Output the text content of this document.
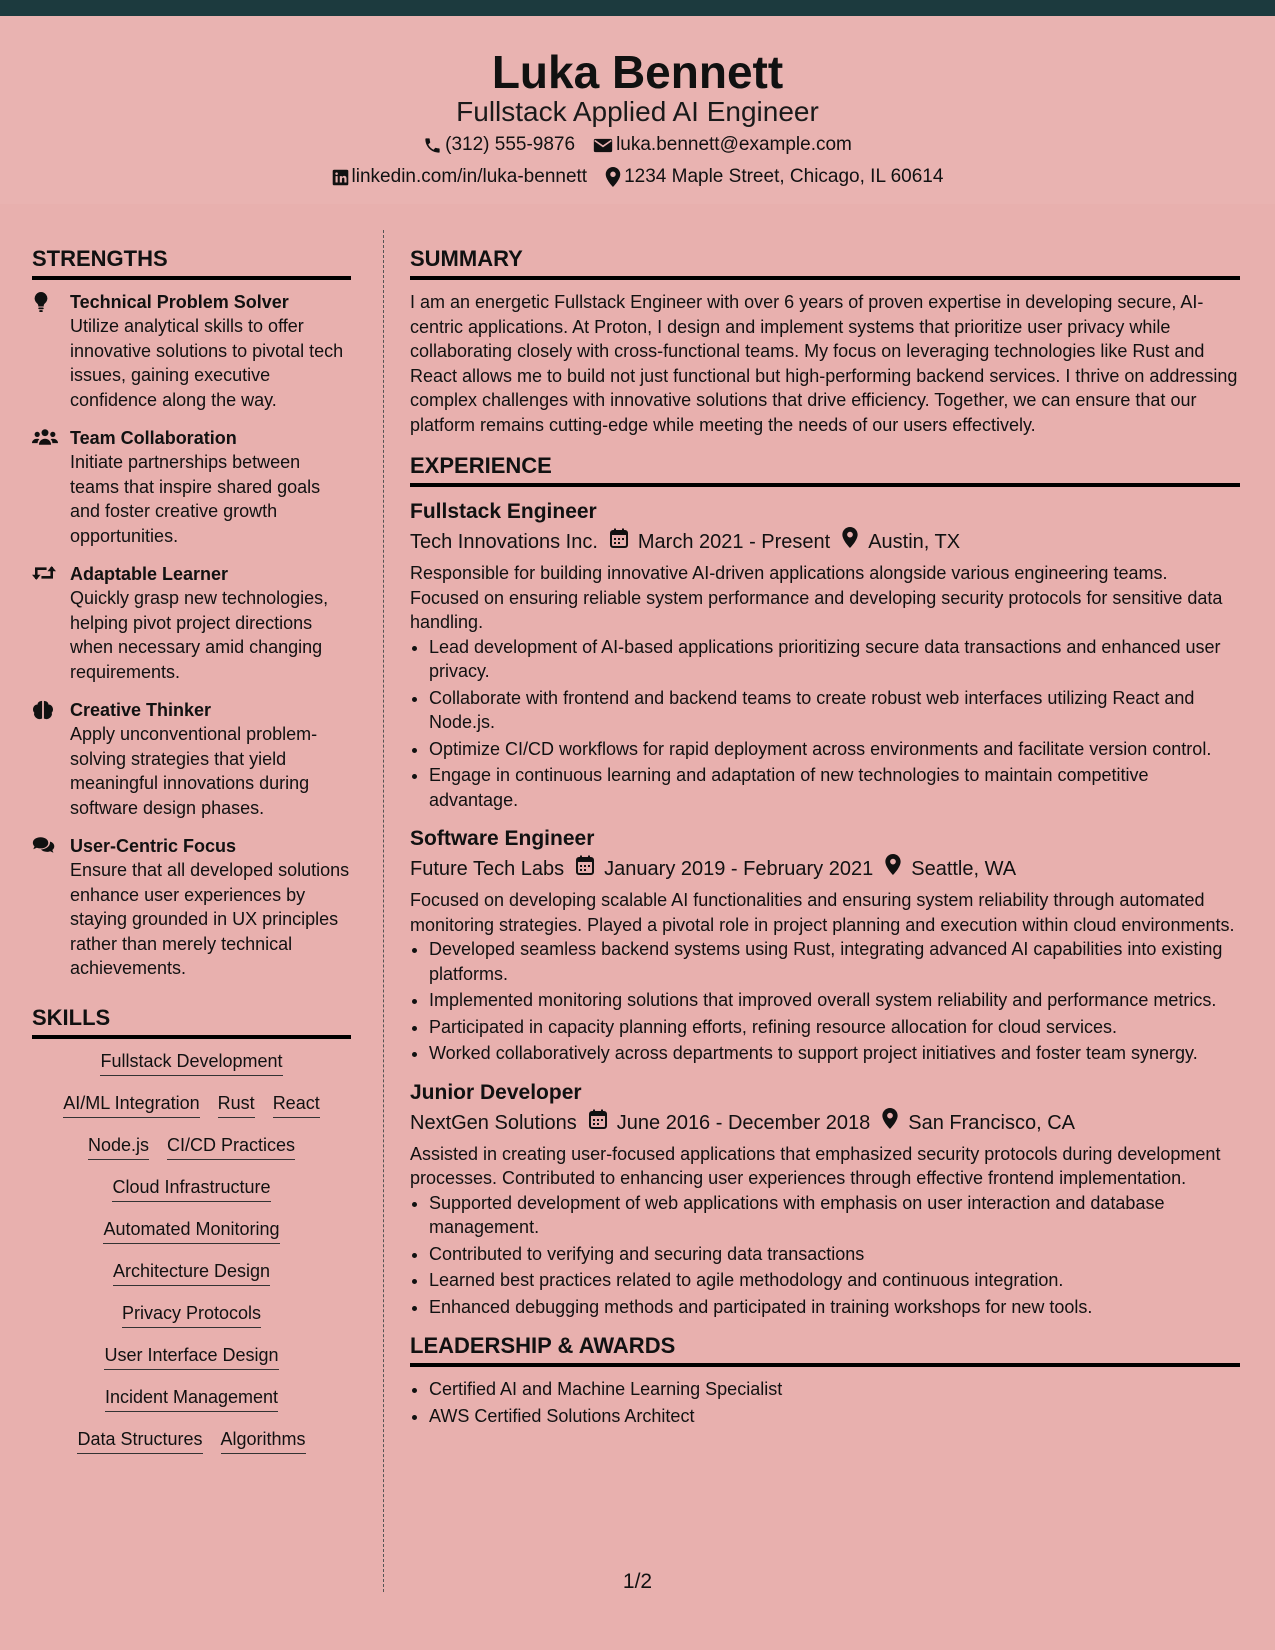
Luka Bennett
Fullstack Applied AI Engineer
(312) 555-9876 luka.bennett@example.com
linkedin.com/in/luka-bennett 1234 Maple Street, Chicago, IL 60614
STRENGTHS
Technical Problem Solver
Utilize analytical skills to offer innovative solutions to pivotal tech issues, gaining executive confidence along the way.
Team Collaboration
Initiate partnerships between teams that inspire shared goals and foster creative growth opportunities.
Adaptable Learner
Quickly grasp new technologies, helping pivot project directions when necessary amid changing requirements.
Creative Thinker
Apply unconventional problem-solving strategies that yield meaningful innovations during software design phases.
User-Centric Focus
Ensure that all developed solutions enhance user experiences by staying grounded in UX principles rather than merely technical achievements.
SKILLS
Fullstack Development
AI/ML Integration Rust React
Node.js CI/CD Practices
Cloud Infrastructure
Automated Monitoring
Architecture Design
Privacy Protocols
User Interface Design
Incident Management
Data Structures Algorithms
SUMMARY

I am an energetic Fullstack Engineer with over 6 years of proven expertise in developing secure, AI-centric applications. At Proton, I design and implement systems that prioritize user privacy while collaborating closely with cross-functional teams. My focus on leveraging technologies like Rust and React allows me to build not just functional but high-performing backend services. I thrive on addressing complex challenges with innovative solutions that drive efficiency. Together, we can ensure that our platform remains cutting-edge while meeting the needs of our users effectively.

EXPERIENCE
Fullstack Engineer
Tech Innovations Inc. March 2021 - Present Austin, TX
Responsible for building innovative AI-driven applications alongside various engineering teams. Focused on ensuring reliable system performance and developing security protocols for sensitive data handling.
• Lead development of AI-based applications prioritizing secure data transactions and enhanced user privacy.
• Collaborate with frontend and backend teams to create robust web interfaces utilizing React and Node.js.
• Optimize CI/CD workflows for rapid deployment across environments and facilitate version control.
• Engage in continuous learning and adaptation of new technologies to maintain competitive advantage.
Software Engineer
Future Tech Labs January 2019 - February 2021 Seattle, WA
Focused on developing scalable AI functionalities and ensuring system reliability through automated monitoring strategies. Played a pivotal role in project planning and execution within cloud environments.
• Developed seamless backend systems using Rust, integrating advanced AI capabilities into existing platforms.
• Implemented monitoring solutions that improved overall system reliability and performance metrics.
• Participated in capacity planning efforts, refining resource allocation for cloud services.
• Worked collaboratively across departments to support project initiatives and foster team synergy.
Junior Developer
NextGen Solutions June 2016 - December 2018 San Francisco, CA
Assisted in creating user-focused applications that emphasized security protocols during development processes. Contributed to enhancing user experiences through effective frontend implementation.
• Supported development of web applications with emphasis on user interaction and database management.
• Contributed to verifying and securing data transactions
• Learned best practices related to agile methodology and continuous integration.
• Enhanced debugging methods and participated in training workshops for new tools.
LEADERSHIP & AWARDS
• Certified AI and Machine Learning Specialist
• AWS Certified Solutions Architect
1/2
